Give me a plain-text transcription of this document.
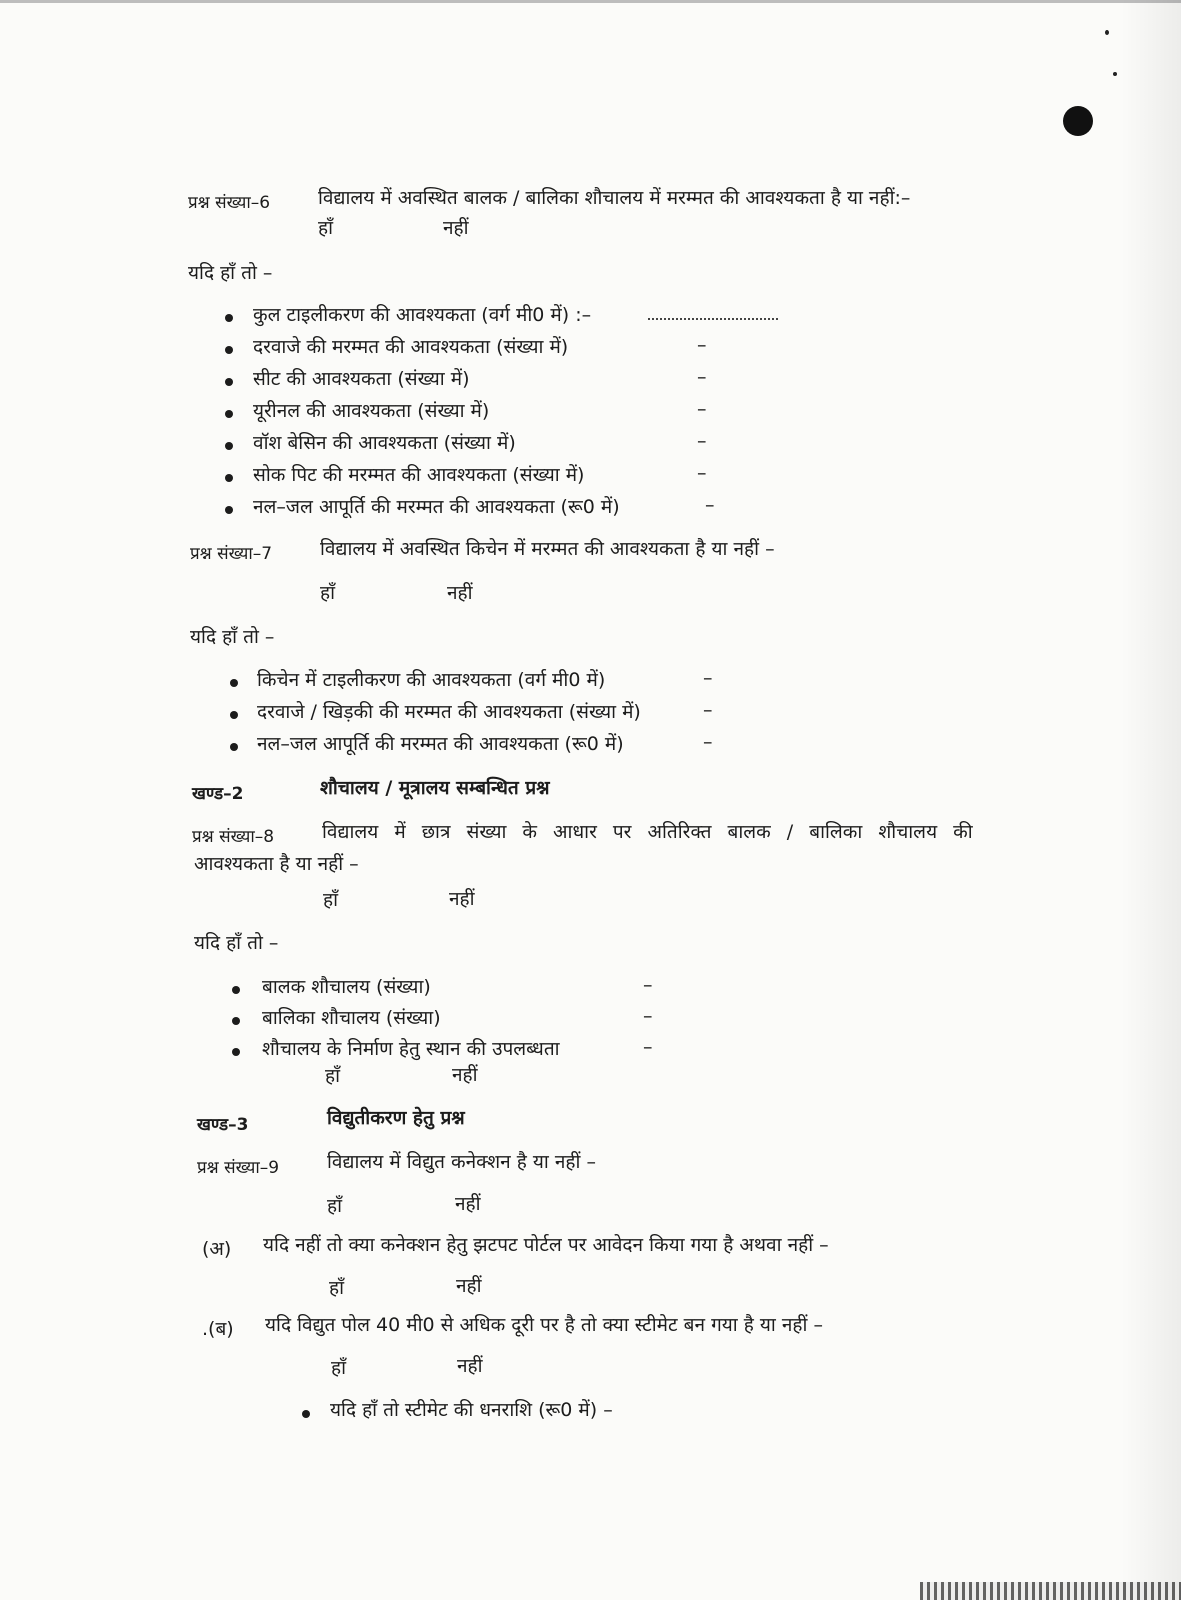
प्रश्न संख्या–6	विद्यालय में अवस्थित बालक / बालिका शौचालय में मरम्मत की आवश्यकता है या नहीं:–
हाँ	नहीं
यदि हाँ तो –
कुल टाइलीकरण की आवश्यकता (वर्ग मी0 में) :–
दरवाजे की मरम्मत की आवश्यकता (संख्या में)	–
सीट की आवश्यकता (संख्या में)	–
यूरीनल की आवश्यकता (संख्या में)	–
वॉश बेसिन की आवश्यकता (संख्या में)	–
सोक पिट की मरम्मत की आवश्यकता (संख्या में)	–
नल–जल आपूर्ति की मरम्मत की आवश्यकता (रू0 में)	–
प्रश्न संख्या–7	विद्यालय में अवस्थित किचेन में मरम्मत की आवश्यकता है या नहीं –
हाँ	नहीं
यदि हाँ तो –
किचेन में टाइलीकरण की आवश्यकता (वर्ग मी0 में)	–
दरवाजे / खिड़की की मरम्मत की आवश्यकता (संख्या में)	–
नल–जल आपूर्ति की मरम्मत की आवश्यकता (रू0 में)	–
खण्ड–2	शौचालय / मूत्रालय सम्बन्धित प्रश्न
प्रश्न संख्या–8	विद्यालय में छात्र संख्या के आधार पर अतिरिक्त बालक / बालिका शौचालय की
आवश्यकता है या नहीं –
हाँ	नहीं
यदि हाँ तो –
बालक शौचालय (संख्या)	–
बालिका शौचालय (संख्या)	–
शौचालय के निर्माण हेतु स्थान की उपलब्धता	–
हाँ	नहीं
खण्ड–3	विद्युतीकरण हेतु प्रश्न
प्रश्न संख्या–9	विद्यालय में विद्युत कनेक्शन है या नहीं –
हाँ	नहीं
(अ) यदि नहीं तो क्या कनेक्शन हेतु झटपट पोर्टल पर आवेदन किया गया है अथवा नहीं –
हाँ	नहीं
.(ब) यदि विद्युत पोल 40 मी0 से अधिक दूरी पर है तो क्या स्टीमेट बन गया है या नहीं –
हाँ	नहीं
यदि हाँ तो स्टीमेट की धनराशि (रू0 में) –
